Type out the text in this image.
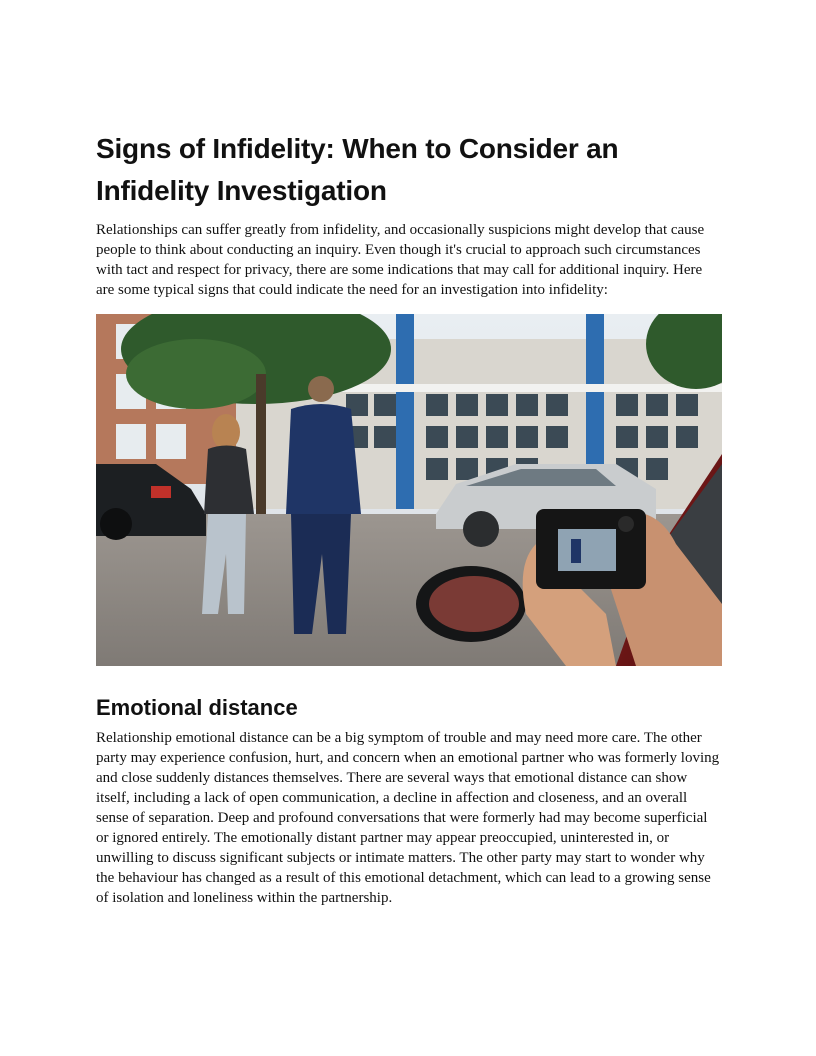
Signs of Infidelity: When to Consider an Infidelity Investigation

Relationships can suffer greatly from infidelity, and occasionally suspicions might develop that cause people to think about conducting an inquiry. Even though it's crucial to approach such circumstances with tact and respect for privacy, there are some indications that may call for additional inquiry. Here are some typical signs that could indicate the need for an investigation into infidelity:

Emotional distance

Relationship emotional distance can be a big symptom of trouble and may need more care. The other party may experience confusion, hurt, and concern when an emotional partner who was formerly loving and close suddenly distances themselves. There are several ways that emotional distance can show itself, including a lack of open communication, a decline in affection and closeness, and an overall sense of separation. Deep and profound conversations that were formerly had may become superficial or ignored entirely. The emotionally distant partner may appear preoccupied, uninterested in, or unwilling to discuss significant subjects or intimate matters. The other party may start to wonder why the behaviour has changed as a result of this emotional detachment, which can lead to a growing sense of isolation and loneliness within the partnership.
